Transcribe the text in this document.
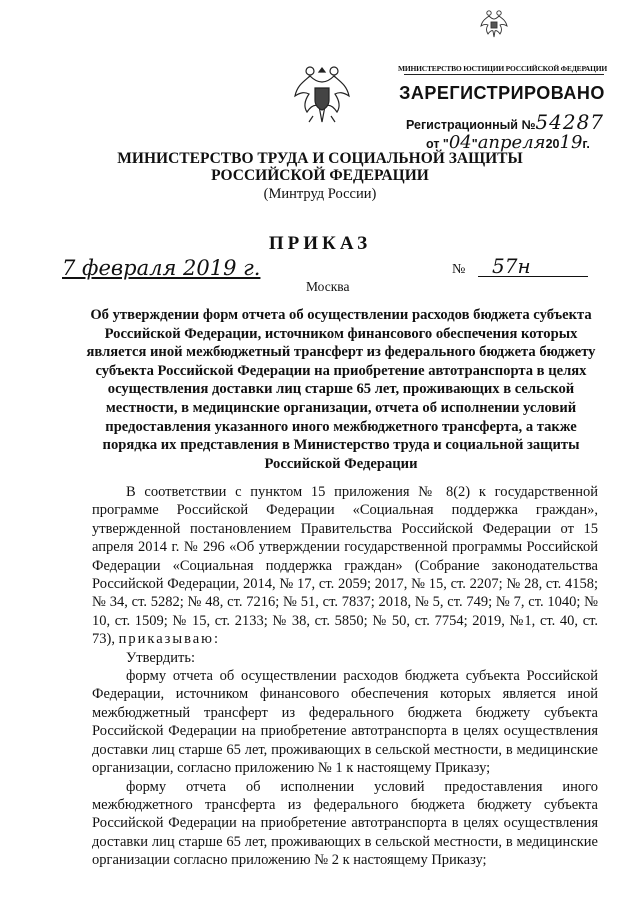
МИНИСТЕРСТВО ЮСТИЦИИ РОССИЙСКОЙ ФЕДЕРАЦИИ
ЗАРЕГИСТРИРОВАНО
Регистрационный №54287
от "04"апреля2019г.
МИНИСТЕРСТВО ТРУДА И СОЦИАЛЬНОЙ ЗАЩИТЫ
РОССИЙСКОЙ ФЕДЕРАЦИИ
(Минтруд России)
ПРИКАЗ
7 февраля 2019 г.
Москва
№ 57н
Об утверждении форм отчета об осуществлении расходов бюджета субъекта Российской Федерации, источником финансового обеспечения которых является иной межбюджетный трансферт из федерального бюджета бюджету субъекта Российской Федерации на приобретение автотранспорта в целях осуществления доставки лиц старше 65 лет, проживающих в сельской местности, в медицинские организации, отчета об исполнении условий предоставления указанного иного межбюджетного трансферта, а также порядка их представления в Министерство труда и социальной защиты Российской Федерации

В соответствии с пунктом 15 приложения № 8(2) к государственной программе Российской Федерации «Социальная поддержка граждан», утвержденной постановлением Правительства Российской Федерации от 15 апреля 2014 г. № 296 «Об утверждении государственной программы Российской Федерации «Социальная поддержка граждан» (Собрание законодательства Российской Федерации, 2014, № 17, ст. 2059; 2017, № 15, ст. 2207; № 28, ст. 4158; № 34, ст. 5282; № 48, ст. 7216; № 51, ст. 7837; 2018, № 5, ст. 749; № 7, ст. 1040; № 10, ст. 1509; № 15, ст. 2133; № 38, ст. 5850; № 50, ст. 7754; 2019, №1, ст. 40, ст. 73), приказываю:

Утвердить:

форму отчета об осуществлении расходов бюджета субъекта Российской Федерации, источником финансового обеспечения которых является иной межбюджетный трансферт из федерального бюджета бюджету субъекта Российской Федерации на приобретение автотранспорта в целях осуществления доставки лиц старше 65 лет, проживающих в сельской местности, в медицинские организации, согласно приложению № 1 к настоящему Приказу;

форму отчета об исполнении условий предоставления иного межбюджетного трансферта из федерального бюджета бюджету субъекта Российской Федерации на приобретение автотранспорта в целях осуществления доставки лиц старше 65 лет, проживающих в сельской местности, в медицинские организации согласно приложению № 2 к настоящему Приказу;
